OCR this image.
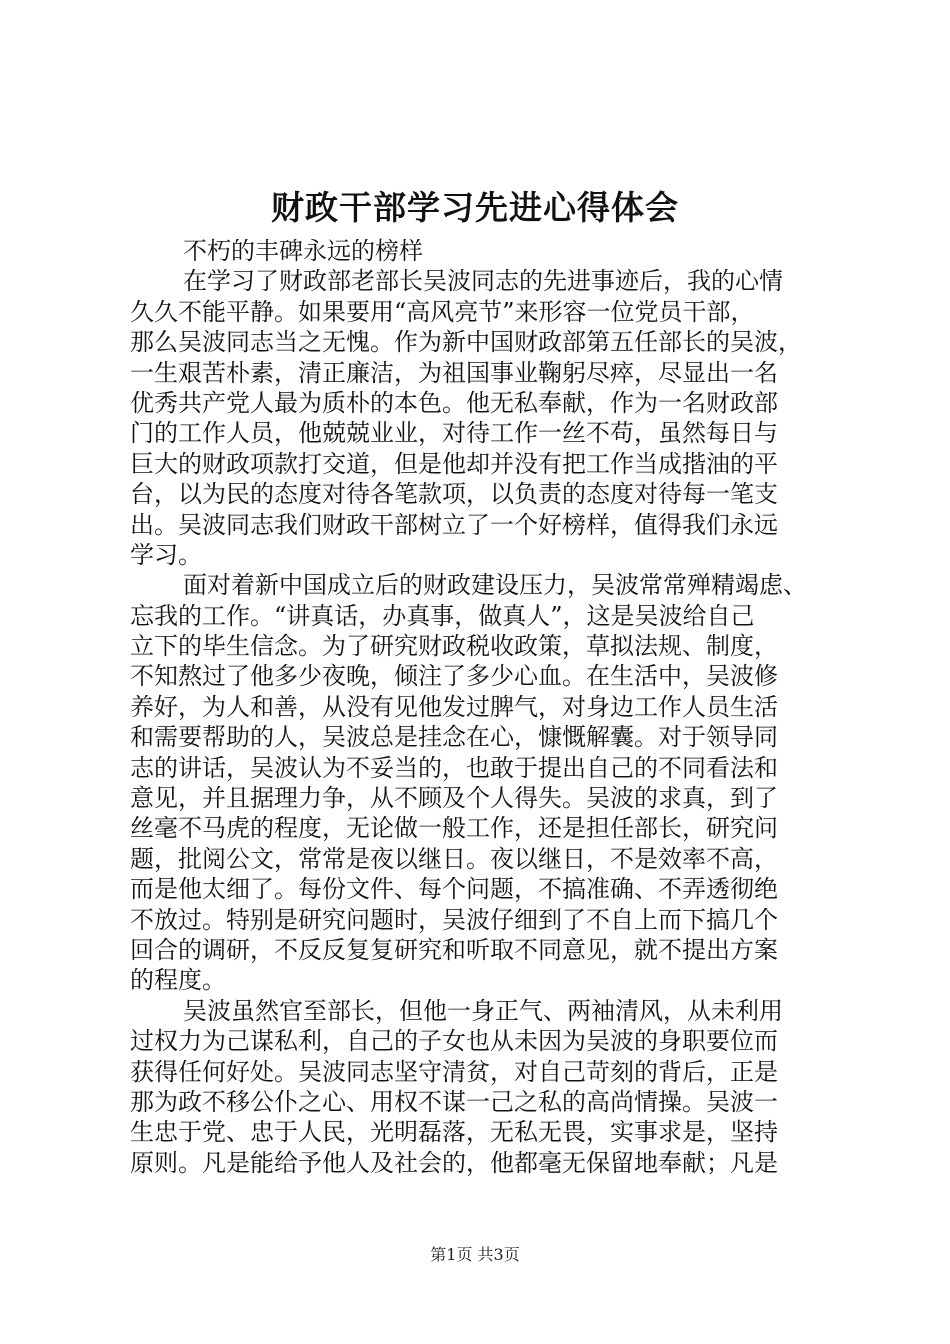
财政干部学习先进心得体会
不朽的丰碑永远的榜样
在学习了财政部老部长吴波同志的先进事迹后，我的心情
久久不能平静。如果要用“高风亮节”来形容一位党员干部，
那么吴波同志当之无愧。作为新中国财政部第五任部长的吴波，
一生艰苦朴素，清正廉洁，为祖国事业鞠躬尽瘁，尽显出一名
优秀共产党人最为质朴的本色。他无私奉献，作为一名财政部
门的工作人员，他兢兢业业，对待工作一丝不苟，虽然每日与
巨大的财政项款打交道，但是他却并没有把工作当成揩油的平
台，以为民的态度对待各笔款项，以负责的态度对待每一笔支
出。吴波同志我们财政干部树立了一个好榜样，值得我们永远
学习。
面对着新中国成立后的财政建设压力，吴波常常殚精竭虑、
忘我的工作。“讲真话，办真事，做真人”，这是吴波给自己
立下的毕生信念。为了研究财政税收政策，草拟法规、制度，
不知熬过了他多少夜晚，倾注了多少心血。在生活中，吴波修
养好，为人和善，从没有见他发过脾气，对身边工作人员生活
和需要帮助的人，吴波总是挂念在心，慷慨解囊。对于领导同
志的讲话，吴波认为不妥当的，也敢于提出自己的不同看法和
意见，并且据理力争，从不顾及个人得失。吴波的求真，到了
丝毫不马虎的程度，无论做一般工作，还是担任部长，研究问
题，批阅公文，常常是夜以继日。夜以继日，不是效率不高，
而是他太细了。每份文件、每个问题，不搞准确、不弄透彻绝
不放过。特别是研究问题时，吴波仔细到了不自上而下搞几个
回合的调研，不反反复复研究和听取不同意见，就不提出方案
的程度。
吴波虽然官至部长，但他一身正气、两袖清风，从未利用
过权力为己谋私利，自己的子女也从未因为吴波的身职要位而
获得任何好处。吴波同志坚守清贫，对自己苛刻的背后，正是
那为政不移公仆之心、用权不谋一己之私的高尚情操。吴波一
生忠于党、忠于人民，光明磊落，无私无畏，实事求是，坚持
原则。凡是能给予他人及社会的，他都毫无保留地奉献；凡是
第1页 共3页
